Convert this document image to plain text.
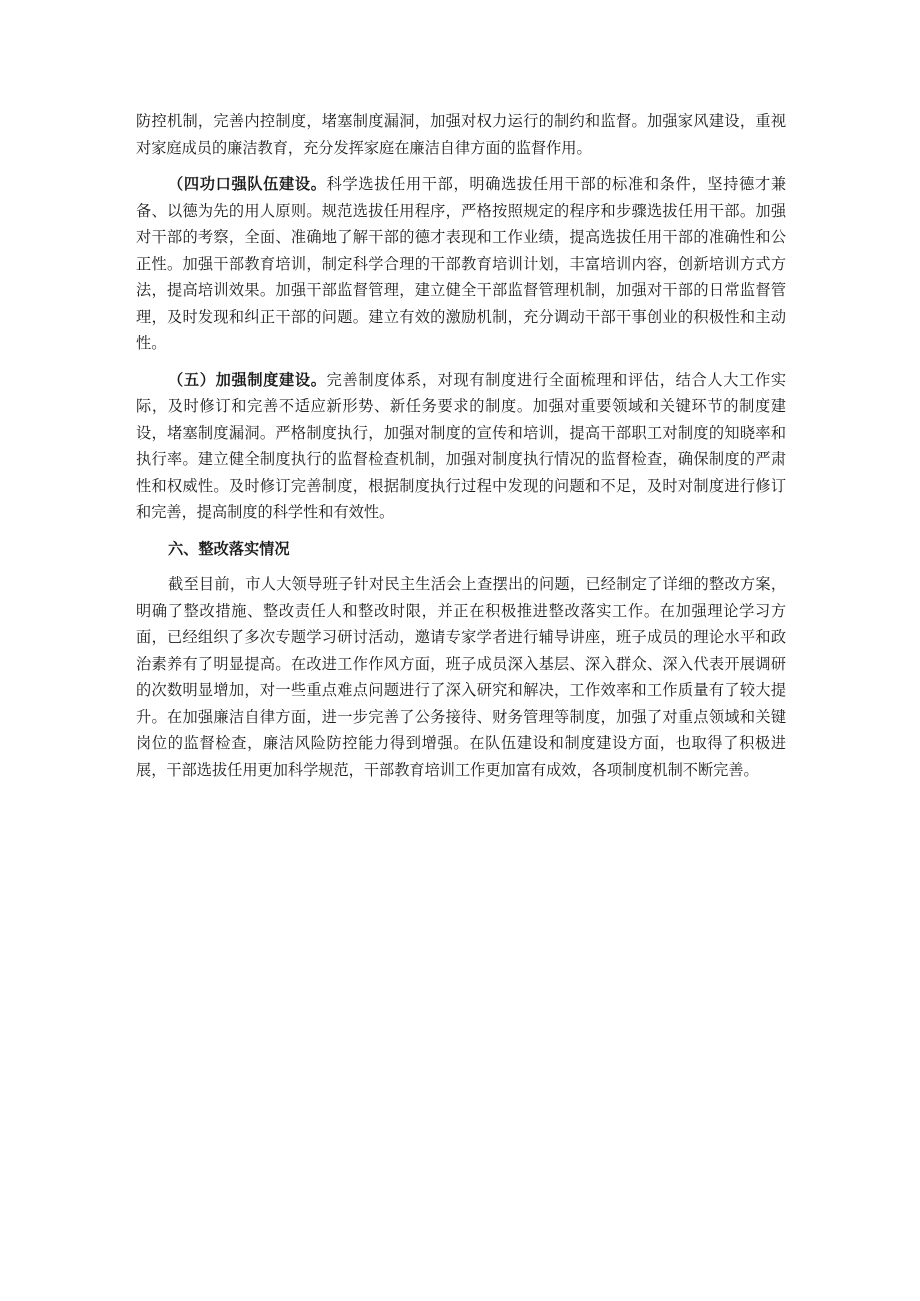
防控机制，完善内控制度，堵塞制度漏洞，加强对权力运行的制约和监督。加强家风建设，重视对家庭成员的廉洁教育，充分发挥家庭在廉洁自律方面的监督作用。

（四功口强队伍建设。科学选拔任用干部，明确选拔任用干部的标准和条件，坚持德才兼备、以德为先的用人原则。规范选拔任用程序，严格按照规定的程序和步骤选拔任用干部。加强对干部的考察，全面、准确地了解干部的德才表现和工作业绩，提高选拔任用干部的准确性和公正性。加强干部教育培训，制定科学合理的干部教育培训计划，丰富培训内容，创新培训方式方法，提高培训效果。加强干部监督管理，建立健全干部监督管理机制，加强对干部的日常监督管理，及时发现和纠正干部的问题。建立有效的激励机制，充分调动干部干事创业的积极性和主动性。

（五）加强制度建设。完善制度体系，对现有制度进行全面梳理和评估，结合人大工作实际，及时修订和完善不适应新形势、新任务要求的制度。加强对重要领域和关键环节的制度建设，堵塞制度漏洞。严格制度执行，加强对制度的宣传和培训，提高干部职工对制度的知晓率和执行率。建立健全制度执行的监督检查机制，加强对制度执行情况的监督检查，确保制度的严肃性和权威性。及时修订完善制度，根据制度执行过程中发现的问题和不足，及时对制度进行修订和完善，提高制度的科学性和有效性。

六、整改落实情况

截至目前，市人大领导班子针对民主生活会上查摆出的问题，已经制定了详细的整改方案，明确了整改措施、整改责任人和整改时限，并正在积极推进整改落实工作。在加强理论学习方面，已经组织了多次专题学习研讨活动，邀请专家学者进行辅导讲座，班子成员的理论水平和政治素养有了明显提高。在改进工作作风方面，班子成员深入基层、深入群众、深入代表开展调研的次数明显增加，对一些重点难点问题进行了深入研究和解决，工作效率和工作质量有了较大提升。在加强廉洁自律方面，进一步完善了公务接待、财务管理等制度，加强了对重点领域和关键岗位的监督检查，廉洁风险防控能力得到增强。在队伍建设和制度建设方面，也取得了积极进展，干部选拔任用更加科学规范，干部教育培训工作更加富有成效，各项制度机制不断完善。
